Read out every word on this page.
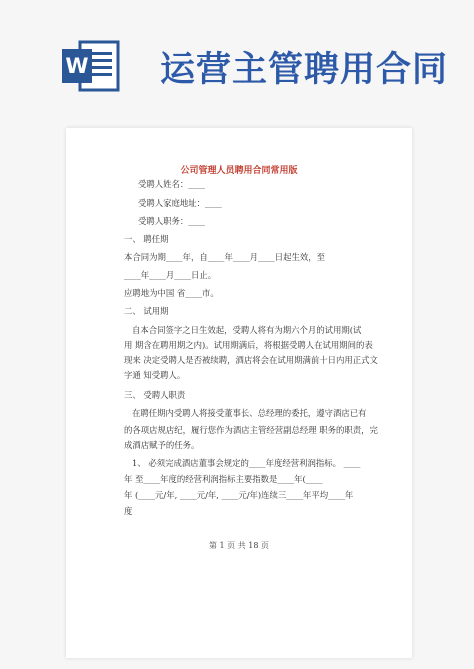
W 运营主管聘用合同
公司管理人员聘用合同常用版
受聘人姓名：____
受聘人家庭地址：____
受聘人职务：____
一、 聘任期
本合同为期____年，自____年____月____日起生效，至
____年____月____日止。
应聘地为中国 省____市。
二、 试用期
自本合同签字之日生效起，受聘人将有为期六个月的试用期(试
用 期含在聘用期之内)。试用期满后，将根据受聘人在试用期间的表
现来 决定受聘人是否被续聘，酒店将会在试用期满前十日内用正式文
字通 知受聘人。
三、 受聘人职责
在聘任期内受聘人将接受董事长、总经理的委托，遵守酒店已有
的各项店规店纪，履行您作为酒店主管经营副总经理 职务的职责，完
成酒店赋予的任务。
1、 必须完成酒店董事会规定的____年度经营利润指标。 ____
年 至____年度的经营利润指标主要指数是____年(____
年 (____元/年, ____元/年, ____元/年)连续三____年平均____年
度
第 1 页 共 18 页
